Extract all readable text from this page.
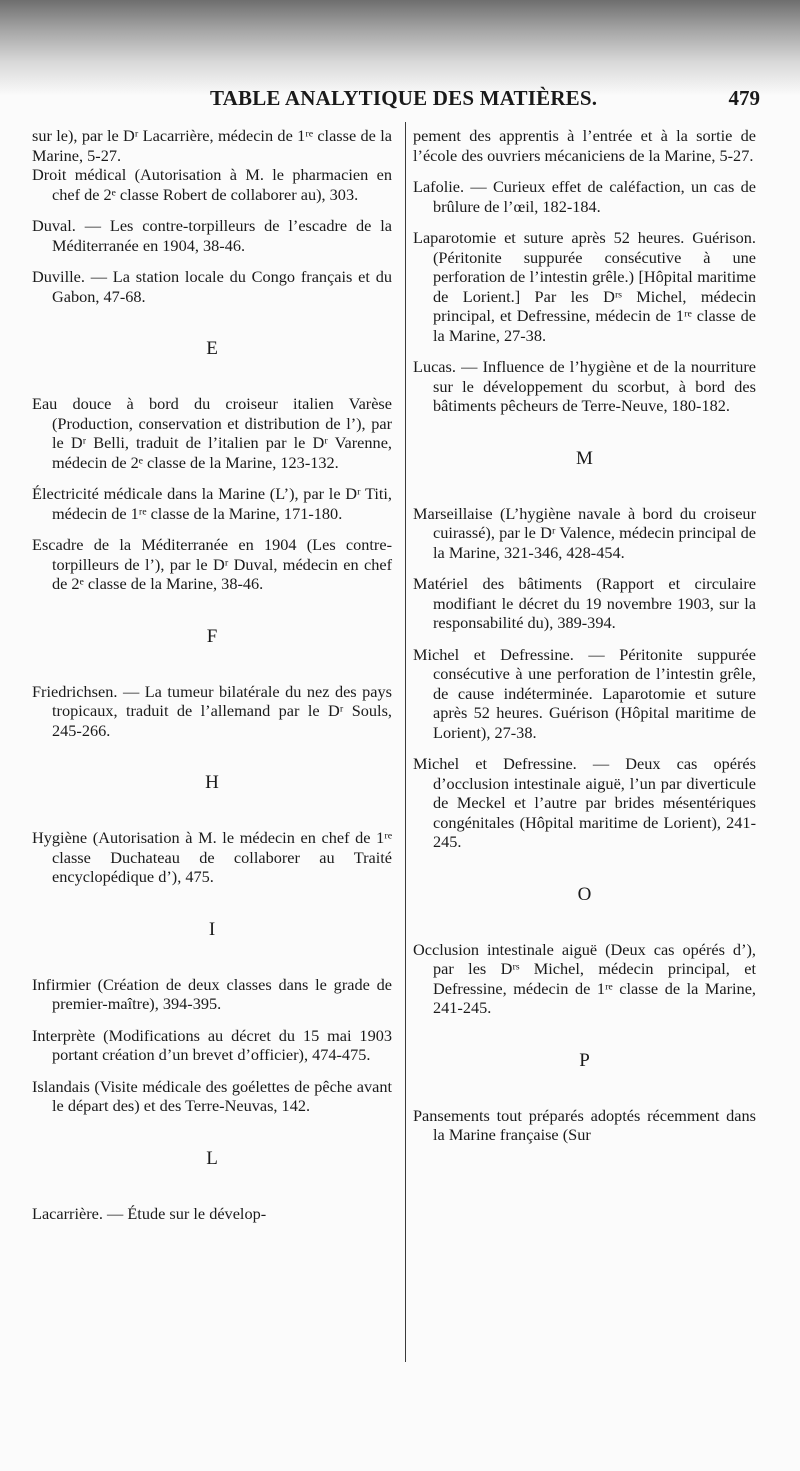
TABLE ANALYTIQUE DES MATIÈRES.	479

sur le), par le Dʳ Lacarrière, médecin de 1ʳᵉ classe de la Marine, 5-27.

Droit médical (Autorisation à M. le pharmacien en chef de 2ᵉ classe Robert de collaborer au), 303.

Duval. — Les contre-torpilleurs de l’escadre de la Méditerranée en 1904, 38-46.

Duville. — La station locale du Congo français et du Gabon, 47-68.

E

Eau douce à bord du croiseur italien Varèse (Production, conservation et distribution de l’), par le Dʳ Belli, traduit de l’italien par le Dʳ Varenne, médecin de 2ᵉ classe de la Marine, 123-132.

Électricité médicale dans la Marine (L’), par le Dʳ Titi, médecin de 1ʳᵉ classe de la Marine, 171-180.

Escadre de la Méditerranée en 1904 (Les contre-torpilleurs de l’), par le Dʳ Duval, médecin en chef de 2ᵉ classe de la Marine, 38-46.

F

Friedrichsen. — La tumeur bilatérale du nez des pays tropicaux, traduit de l’allemand par le Dʳ Souls, 245-266.

H

Hygiène (Autorisation à M. le médecin en chef de 1ʳᵉ classe Duchateau de collaborer au Traité encyclopédique d’), 475.

I

Infirmier (Création de deux classes dans le grade de premier-maître), 394-395.

Interprète (Modifications au décret du 15 mai 1903 portant création d’un brevet d’officier), 474-475.

Islandais (Visite médicale des goélettes de pêche avant le départ des) et des Terre-Neuvas, 142.

L

Lacarrière. — Étude sur le dévelop-

pement des apprentis à l’entrée et à la sortie de l’école des ouvriers mécaniciens de la Marine, 5-27.

Lafolie. — Curieux effet de caléfaction, un cas de brûlure de l’œil, 182-184.

Laparotomie et suture après 52 heures. Guérison. (Péritonite suppurée consécutive à une perforation de l’intestin grêle.) [Hôpital maritime de Lorient.] Par les Dʳˢ Michel, médecin principal, et Defressine, médecin de 1ʳᵉ classe de la Marine, 27-38.

Lucas. — Influence de l’hygiène et de la nourriture sur le développement du scorbut, à bord des bâtiments pêcheurs de Terre-Neuve, 180-182.

M

Marseillaise (L’hygiène navale à bord du croiseur cuirassé), par le Dʳ Valence, médecin principal de la Marine, 321-346, 428-454.

Matériel des bâtiments (Rapport et circulaire modifiant le décret du 19 novembre 1903, sur la responsabilité du), 389-394.

Michel et Defressine. — Péritonite suppurée consécutive à une perforation de l’intestin grêle, de cause indéterminée. Laparotomie et suture après 52 heures. Guérison (Hôpital maritime de Lorient), 27-38.

Michel et Defressine. — Deux cas opérés d’occlusion intestinale aiguë, l’un par diverticule de Meckel et l’autre par brides mésentériques congénitales (Hôpital maritime de Lorient), 241-245.

O

Occlusion intestinale aiguë (Deux cas opérés d’), par les Dʳˢ Michel, médecin principal, et Defressine, médecin de 1ʳᵉ classe de la Marine, 241-245.

P

Pansements tout préparés adoptés récemment dans la Marine française (Sur
